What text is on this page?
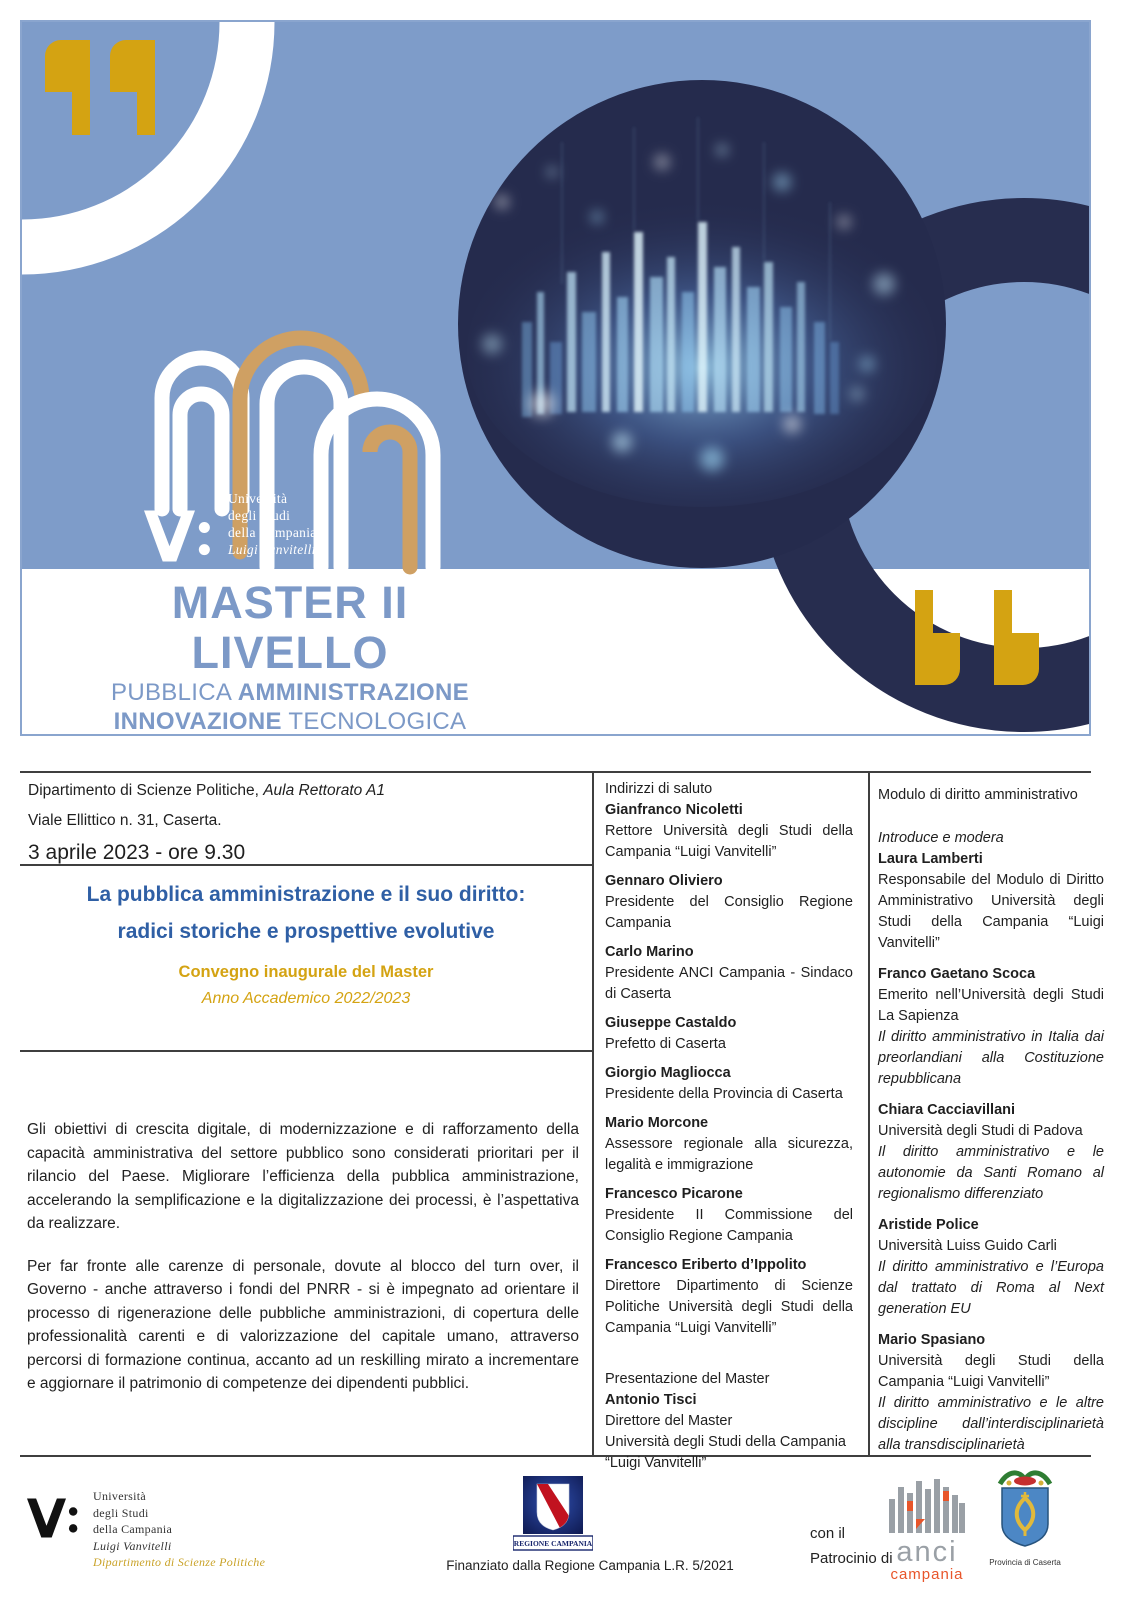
Università
degli Studi
della Campania
Luigi Vanvitelli
MASTER II LIVELLO
PUBBLICA AMMINISTRAZIONE
INNOVAZIONE TECNOLOGICA
Dipartimento di Scienze Politiche, Aula Rettorato A1
Viale Ellittico n. 31, Caserta.
3 aprile 2023 - ore 9.30
La pubblica amministrazione e il suo diritto:
radici storiche e prospettive evolutive
Convegno inaugurale del Master
Anno Accademico 2022/2023

Gli obiettivi di crescita digitale, di modernizzazione e di rafforzamento della capacità amministrativa del settore pubblico sono considerati prioritari per il rilancio del Paese. Migliorare l’efficienza della pubblica amministrazione, accelerando la semplificazione e la digitalizzazione dei processi, è l’aspettativa da realizzare.

Per far fronte alle carenze di personale, dovute al blocco del turn over, il Governo - anche attraverso i fondi del PNRR - si è impegnato ad orientare il processo di rigenerazione delle pubbliche amministrazioni, di copertura delle professionalità carenti e di valorizzazione del capitale umano, attraverso percorsi di formazione continua, accanto ad un reskilling mirato a incrementare e aggiornare il patrimonio di competenze dei dipendenti pubblici.

Indirizzi di saluto
Gianfranco Nicoletti
Rettore Università degli Studi della Campania “Luigi Vanvitelli”
Gennaro Oliviero
Presidente del Consiglio Regione Campania
Carlo Marino
Presidente ANCI Campania - Sindaco di Caserta
Giuseppe Castaldo
Prefetto di Caserta
Giorgio Magliocca
Presidente della Provincia di Caserta
Mario Morcone
Assessore regionale alla sicurezza, legalità e immigrazione
Francesco Picarone
Presidente II Commissione del Consiglio Regione Campania
Francesco Eriberto d’Ippolito
Direttore Dipartimento di Scienze Politiche Università degli Studi della Campania “Luigi Vanvitelli”
Presentazione del Master
Antonio Tisci
Direttore del Master
Università degli Studi della Campania
“Luigi Vanvitelli”
Modulo di diritto amministrativo
Introduce e modera
Laura Lamberti
Responsabile del Modulo di Diritto Amministrativo Università degli Studi della Campania “Luigi Vanvitelli”
Franco Gaetano Scoca
Emerito nell’Università degli Studi La Sapienza
Il diritto amministrativo in Italia dai preorlandiani alla Costituzione repubblicana
Chiara Cacciavillani
Università degli Studi di Padova
Il diritto amministrativo e le autonomie da Santi Romano al regionalismo differenziato
Aristide Police
Università Luiss Guido Carli
Il diritto amministrativo e l’Europa dal trattato di Roma al Next generation EU
Mario Spasiano
Università degli Studi della Campania “Luigi Vanvitelli”
Il diritto amministrativo e le altre discipline dall’interdisciplinarietà alla transdisciplinarietà
Università
degli Studi
della Campania
Luigi Vanvitelli
Dipartimento di Scienze Politiche
REGIONE CAMPANIA
Finanziato dalla Regione Campania L.R. 5/2021
con il
Patrocinio di anci
campania
Provincia di Caserta
